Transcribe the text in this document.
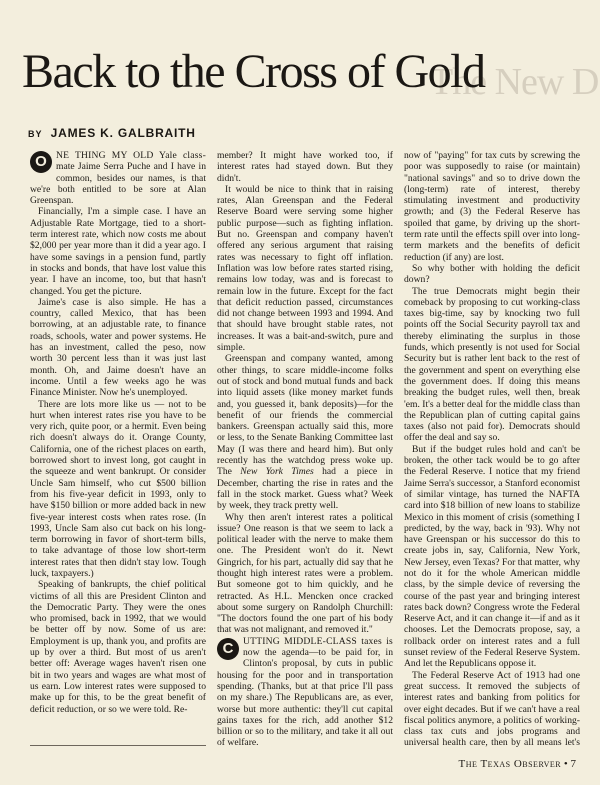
The New D
Back to the Cross of Gold
BY JAMES K. GALBRAITH

O NE THING MY OLD Yale class- mate Jaime Serra Puche and I have in common, besides our names, is that we're both entitled to be sore at Alan Greenspan.

Financially, I'm a simple case. I have an Adjustable Rate Mortgage, tied to a short-term interest rate, which now costs me about $2,000 per year more than it did a year ago. I have some savings in a pension fund, partly in stocks and bonds, that have lost value this year. I have an income, too, but that hasn't changed. You get the picture.

Jaime's case is also simple. He has a country, called Mexico, that has been borrowing, at an adjustable rate, to finance roads, schools, water and power systems. He has an investment, called the peso, now worth 30 percent less than it was just last month. Oh, and Jaime doesn't have an income. Until a few weeks ago he was Finance Minister. Now he's unemployed.

There are lots more like us — not to be hurt when interest rates rise you have to be very rich, quite poor, or a hermit. Even being rich doesn't always do it. Orange County, California, one of the richest places on earth, borrowed short to invest long, got caught in the squeeze and went bankrupt. Or consider Uncle Sam himself, who cut $500 billion from his five-year deficit in 1993, only to have $150 billion or more added back in new five-year interest costs when rates rose. (In 1993, Uncle Sam also cut back on his long-term borrowing in favor of short-term bills, to take advantage of those low short-term interest rates that then didn't stay low. Tough luck, taxpayers.)

Speaking of bankrupts, the chief political victims of all this are President Clinton and the Democratic Party. They were the ones who promised, back in 1992, that we would be better off by now. Some of us are: Employment is up, thank you, and profits are up by over a third. But most of us aren't better off: Average wages haven't risen one bit in two years and wages are what most of us earn. Low interest rates were supposed to make up for this, to be the great benefit of deficit reduction, or so we were told. Re-

member? It might have worked too, if interest rates had stayed down. But they didn't.

It would be nice to think that in raising rates, Alan Greenspan and the Federal Reserve Board were serving some higher public purpose—such as fighting inflation. But no. Greenspan and company haven't offered any serious argument that raising rates was necessary to fight off inflation. Inflation was low before rates started rising, remains low today, was and is forecast to remain low in the future. Except for the fact that deficit reduction passed, circumstances did not change between 1993 and 1994. And that should have brought stable rates, not increases. It was a bait-and-switch, pure and simple.

Greenspan and company wanted, among other things, to scare middle-income folks out of stock and bond mutual funds and back into liquid assets (like money market funds and, you guessed it, bank deposits)—for the benefit of our friends the commercial bankers. Greenspan actually said this, more or less, to the Senate Banking Committee last May (I was there and heard him). But only recently has the watchdog press woke up. The New York Times had a piece in December, charting the rise in rates and the fall in the stock market. Guess what? Week by week, they track pretty well.

Why then aren't interest rates a political issue? One reason is that we seem to lack a political leader with the nerve to make them one. The President won't do it. Newt Gingrich, for his part, actually did say that he thought high interest rates were a problem. But someone got to him quickly, and he retracted. As H.L. Mencken once cracked about some surgery on Randolph Churchill: "The doctors found the one part of his body that was not malignant, and removed it."

C UTTING MIDDLE-CLASS taxes is now the agenda—to be paid for, in Clinton's proposal, by cuts in public housing for the poor and in transportation spending. (Thanks, but at that price I'll pass on my share.) The Republicans are, as ever, worse but more authentic: they'll cut capital gains taxes for the rich, add another $12 billion or so to the military, and take it all out of welfare.

now of "paying" for tax cuts by screwing the poor was supposedly to raise (or maintain) "national savings" and so to drive down the (long-term) rate of interest, thereby stimulating investment and productivity growth; and (3) the Federal Reserve has spoiled that game, by driving up the short-term rate until the effects spill over into long-term markets and the benefits of deficit reduction (if any) are lost.

So why bother with holding the deficit down?

The true Democrats might begin their comeback by proposing to cut working-class taxes big-time, say by knocking two full points off the Social Security payroll tax and thereby eliminating the surplus in those funds, which presently is not used for Social Security but is rather lent back to the rest of the government and spent on everything else the government does. If doing this means breaking the budget rules, well then, break 'em. It's a better deal for the middle class than the Republican plan of cutting capital gains taxes (also not paid for). Democrats should offer the deal and say so.

But if the budget rules hold and can't be broken, the other tack would be to go after the Federal Reserve. I notice that my friend Jaime Serra's successor, a Stanford economist of similar vintage, has turned the NAFTA card into $18 billion of new loans to stabilize Mexico in this moment of crisis (something I predicted, by the way, back in '93). Why not have Greenspan or his successor do this to create jobs in, say, California, New York, New Jersey, even Texas? For that matter, why not do it for the whole American middle class, by the simple device of reversing the course of the past year and bringing interest rates back down? Congress wrote the Federal Reserve Act, and it can change it—if and as it chooses. Let the Democrats propose, say, a rollback order on interest rates and a full sunset review of the Federal Reserve System. And let the Republicans oppose it.

The Federal Reserve Act of 1913 had one great success. It removed the subjects of interest rates and banking from politics for over eight decades. But if we can't have a real fiscal politics anymore, a politics of working-class tax cuts and jobs programs and universal health care, then by all means let's

The Texas Observer • 7
